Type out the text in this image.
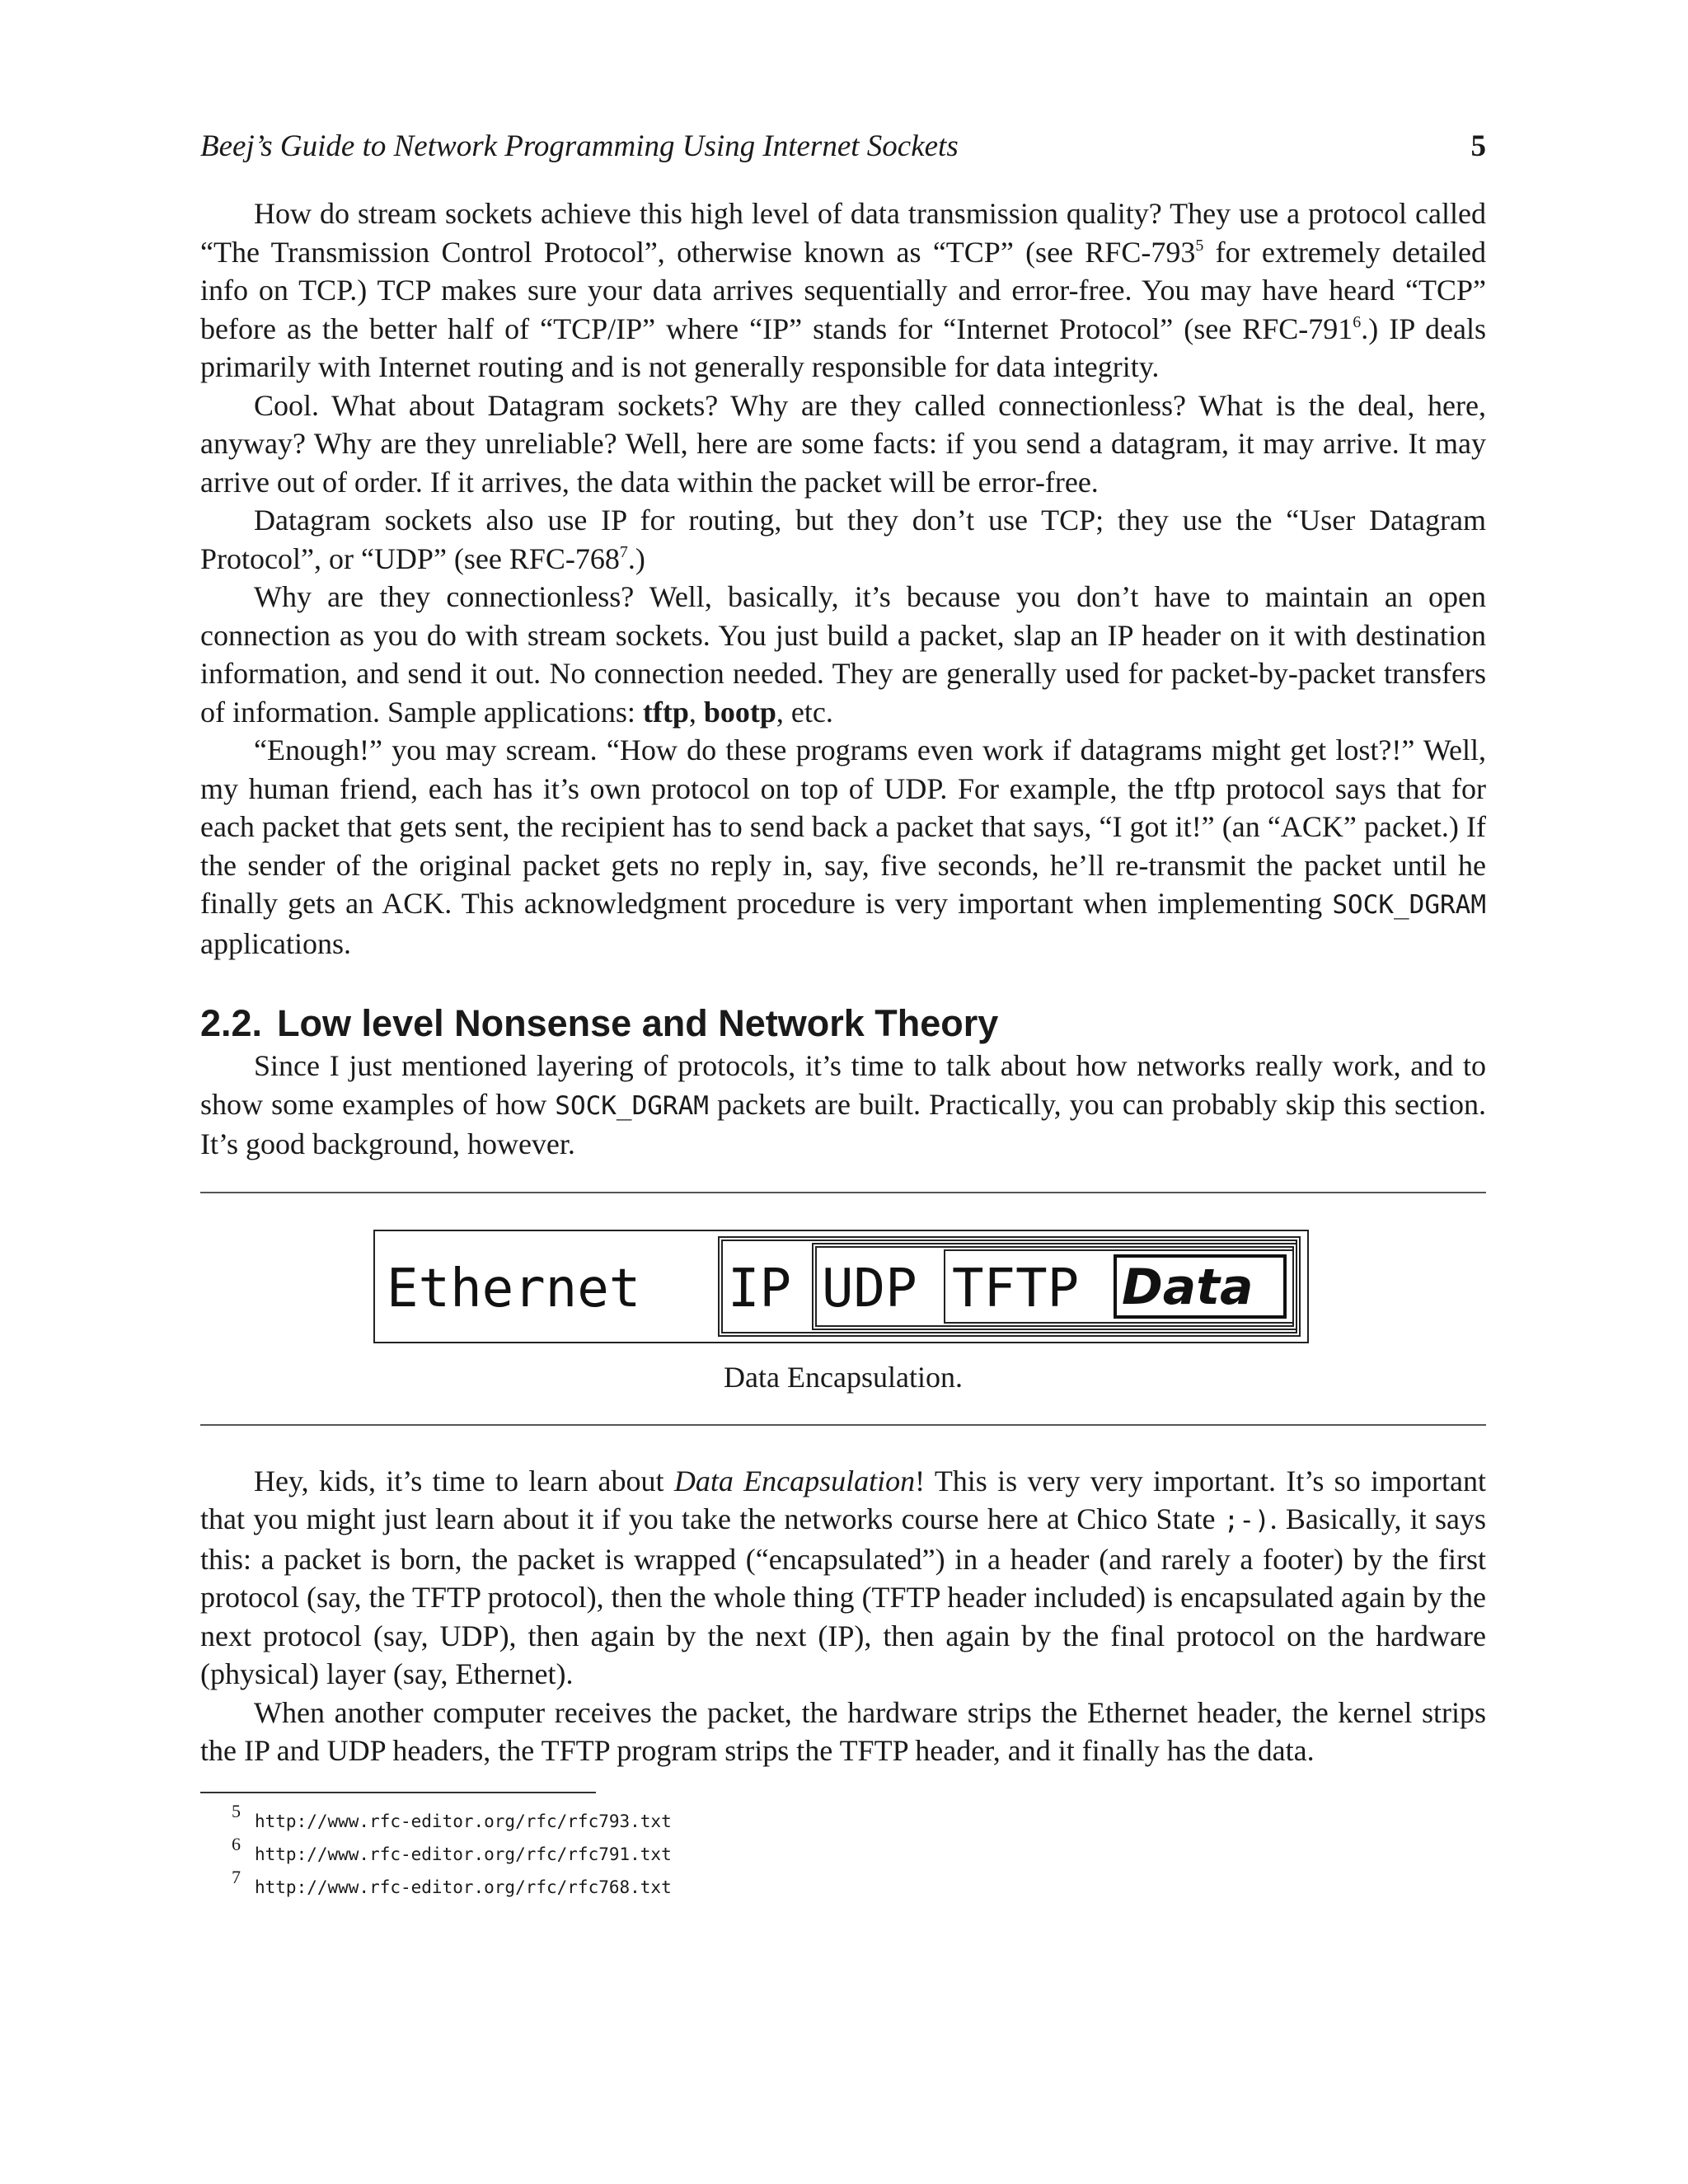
Beej’s Guide to Network Programming Using Internet Sockets	5

How do stream sockets achieve this high level of data transmission quality? They use a protocol called “The Transmission Control Protocol”, otherwise known as “TCP” (see RFC-$793^5$ for extremely detailed info on TCP.) TCP makes sure your data arrives sequentially and error-free. You may have heard “TCP” before as the better half of “TCP/IP” where “IP” stands for “Internet Protocol” (see RFC-$791^6$.) IP deals primarily with Internet routing and is not generally responsible for data integrity.

Cool. What about Datagram sockets? Why are they called connectionless? What is the deal, here, anyway? Why are they unreliable? Well, here are some facts: if you send a datagram, it may arrive. It may arrive out of order. If it arrives, the data within the packet will be error-free.

Datagram sockets also use IP for routing, but they don’t use TCP; they use the “User Datagram Protocol”, or “UDP” (see RFC-$768^7$.)

Why are they connectionless? Well, basically, it’s because you don’t have to maintain an open connection as you do with stream sockets. You just build a packet, slap an IP header on it with destination information, and send it out. No connection needed. They are generally used for packet-by-packet transfers of information. Sample applications: tftp, bootp, etc.

“Enough!” you may scream. “How do these programs even work if datagrams might get lost?!” Well, my human friend, each has it’s own protocol on top of UDP. For example, the tftp protocol says that for each packet that gets sent, the recipient has to send back a packet that says, “I got it!” (an “ACK” packet.) If the sender of the original packet gets no reply in, say, five seconds, he’ll re-transmit the packet until he finally gets an ACK. This acknowledgment procedure is very important when implementing SOCK_DGRAM applications.

2.2. Low level Nonsense and Network Theory

Since I just mentioned layering of protocols, it’s time to talk about how networks really work, and to show some examples of how SOCK_DGRAM packets are built. Practically, you can probably skip this section. It’s good background, however.

Ethernet IP UDP TFTP Data
Data Encapsulation.

Hey, kids, it’s time to learn about Data Encapsulation! This is very very important. It’s so important that you might just learn about it if you take the networks course here at Chico State ;-). Basically, it says this: a packet is born, the packet is wrapped (“encapsulated”) in a header (and rarely a footer) by the first protocol (say, the TFTP protocol), then the whole thing (TFTP header included) is encapsulated again by the next protocol (say, UDP), then again by the next (IP), then again by the final protocol on the hardware (physical) layer (say, Ethernet).

When another computer receives the packet, the hardware strips the Ethernet header, the kernel strips the IP and UDP headers, the TFTP program strips the TFTP header, and it finally has the data.

5 http://www.rfc-editor.org/rfc/rfc793.txt
6 http://www.rfc-editor.org/rfc/rfc791.txt
7 http://www.rfc-editor.org/rfc/rfc768.txt
